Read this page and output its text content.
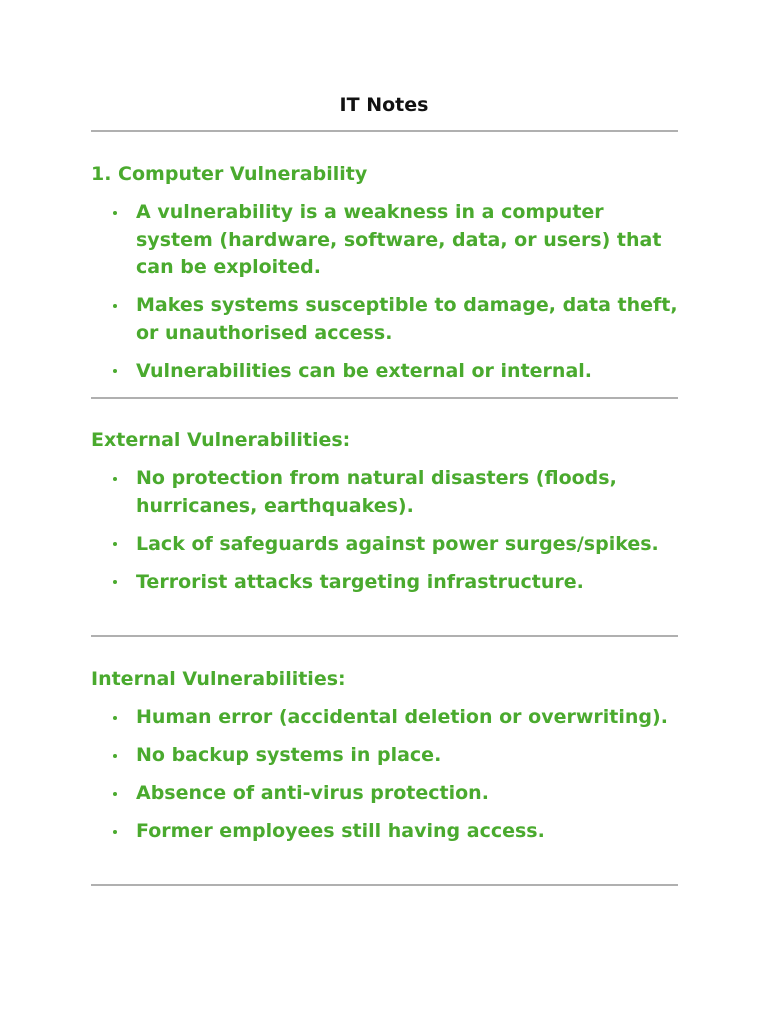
IT Notes
1. Computer Vulnerability
A vulnerability is a weakness in a computer system (hardware, software, data, or users) that can be exploited.
Makes systems susceptible to damage, data theft, or unauthorised access.
Vulnerabilities can be external or internal.
External Vulnerabilities:
No protection from natural disasters (floods, hurricanes, earthquakes).
Lack of safeguards against power surges/spikes.
Terrorist attacks targeting infrastructure.
Internal Vulnerabilities:
Human error (accidental deletion or overwriting).
No backup systems in place.
Absence of anti-virus protection.
Former employees still having access.
